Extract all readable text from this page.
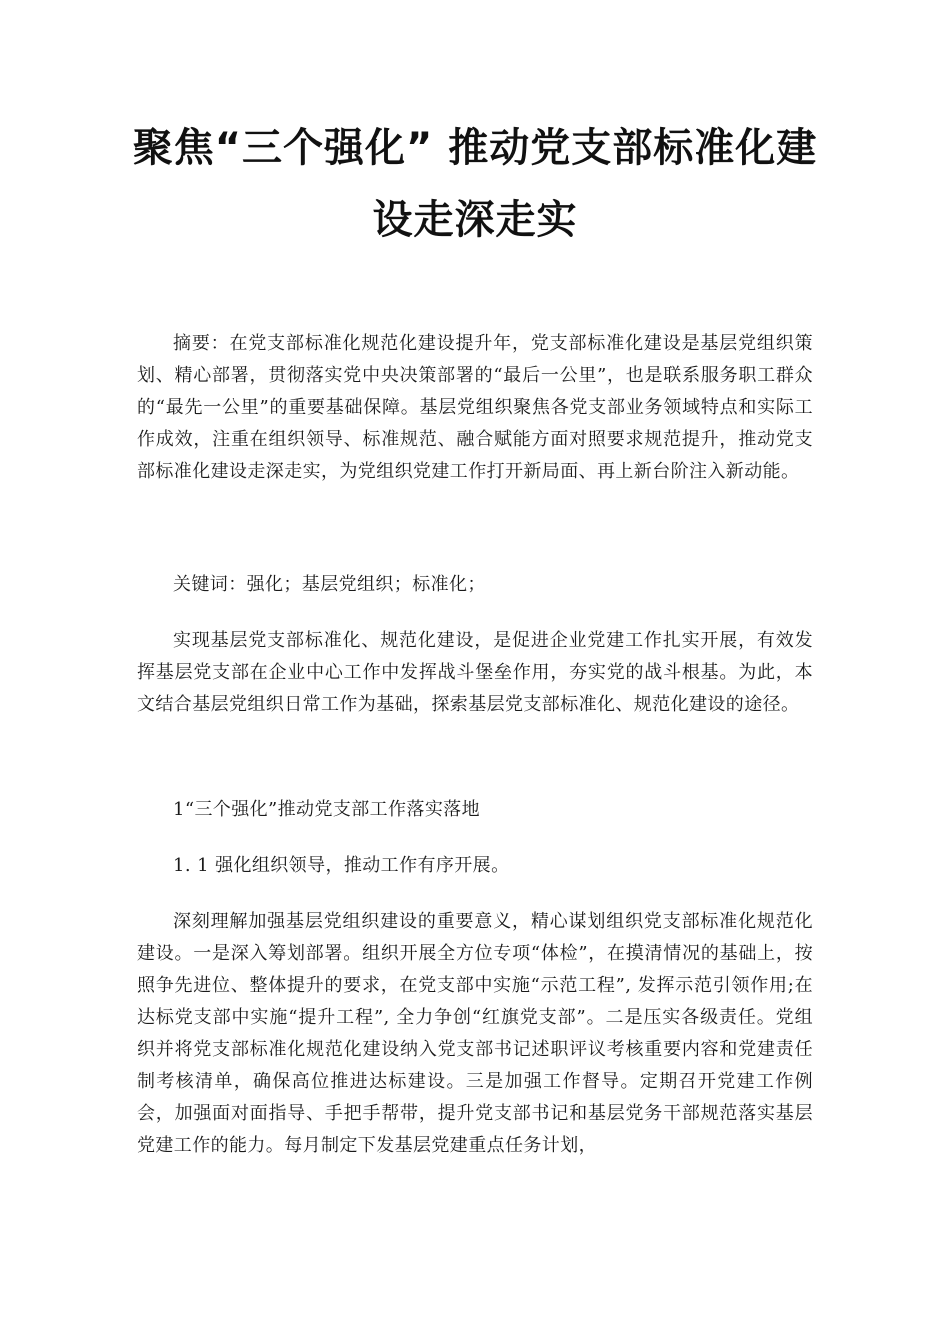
聚焦“三个强化” 推动党支部标准化建
设走深走实

摘要：在党支部标准化规范化建设提升年，党支部标准化建设是基层党组织策划、精心部署，贯彻落实党中央决策部署的“最后一公里”，也是联系服务职工群众的“最先一公里”的重要基础保障。基层党组织聚焦各党支部业务领域特点和实际工作成效，注重在组织领导、标准规范、融合赋能方面对照要求规范提升，推动党支部标准化建设走深走实，为党组织党建工作打开新局面、再上新台阶注入新动能。

关键词：强化；基层党组织；标准化；

实现基层党支部标准化、规范化建设，是促进企业党建工作扎实开展，有效发挥基层党支部在企业中心工作中发挥战斗堡垒作用，夯实党的战斗根基。为此，本文结合基层党组织日常工作为基础，探索基层党支部标准化、规范化建设的途径。

1“三个强化”推动党支部工作落实落地

1. 1 强化组织领导，推动工作有序开展。

深刻理解加强基层党组织建设的重要意义，精心谋划组织党支部标准化规范化建设。一是深入筹划部署。组织开展全方位专项“体检”，在摸清情况的基础上，按照争先进位、整体提升的要求，在党支部中实施“示范工程”, 发挥示范引领作用;在达标党支部中实施“提升工程”, 全力争创“红旗党支部”。二是压实各级责任。党组织并将党支部标准化规范化建设纳入党支部书记述职评议考核重要内容和党建责任制考核清单，确保高位推进达标建设。三是加强工作督导。定期召开党建工作例会，加强面对面指导、手把手帮带，提升党支部书记和基层党务干部规范落实基层党建工作的能力。每月制定下发基层党建重点任务计划，
